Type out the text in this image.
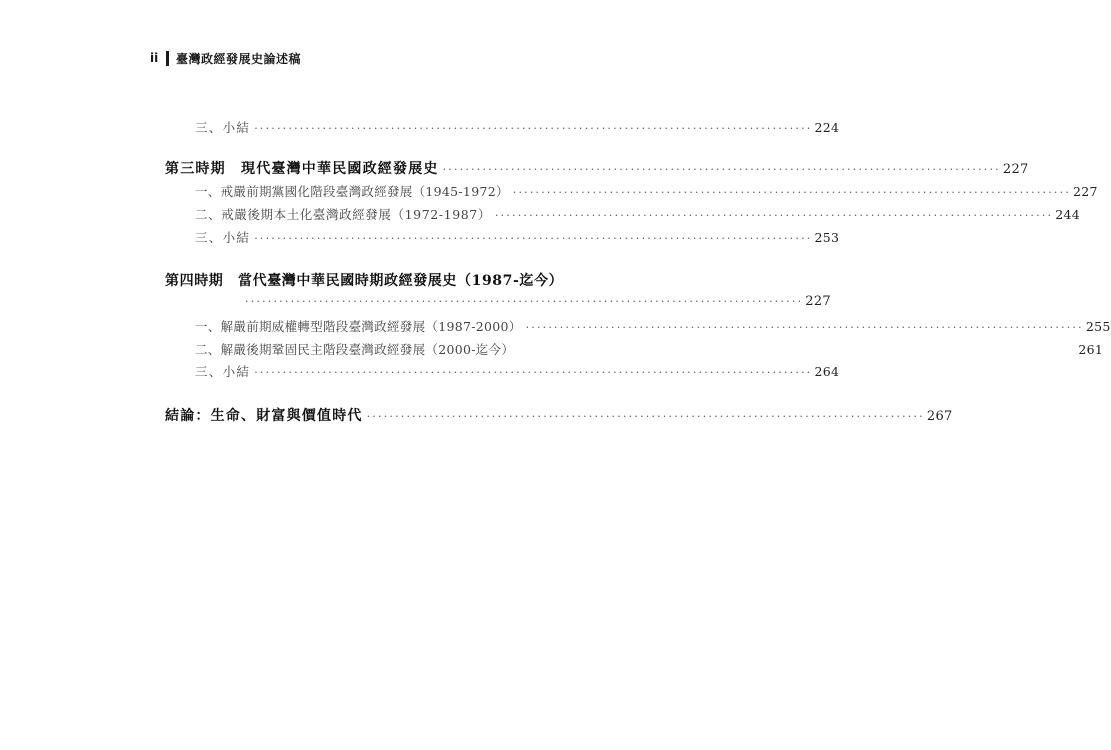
ii	臺灣政經發展史論述稿
三、小結 ·································································································· 224
第三時期　現代臺灣中華民國政經發展史 ·································································································· 227
一、戒嚴前期黨國化階段臺灣政經發展（1945-1972） ·································································································· 227
二、戒嚴後期本土化臺灣政經發展（1972-1987） ·································································································· 244
三、小結 ·································································································· 253
第四時期　當代臺灣中華民國時期政經發展史（1987-迄今）
·································································································· 227
一、解嚴前期威權轉型階段臺灣政經發展（1987-2000） ·································································································· 255
二、解嚴後期鞏固民主階段臺灣政經發展（2000-迄今）	261
三、小結 ·································································································· 264
結論：生命、財富與價值時代 ·································································································· 267
